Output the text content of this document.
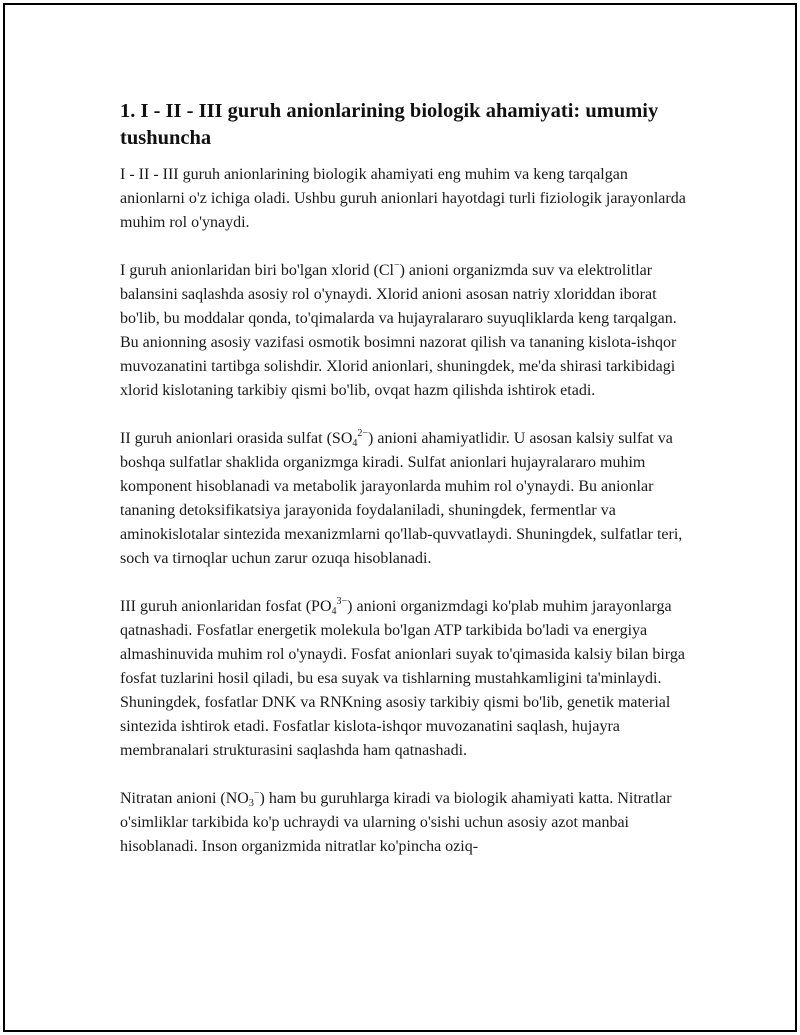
1. I - II - III guruh anionlarining biologik ahamiyati: umumiy tushuncha

I - II - III guruh anionlarining biologik ahamiyati eng muhim va keng tarqalgan anionlarni o'z ichiga oladi. Ushbu guruh anionlari hayotdagi turli fiziologik jarayonlarda muhim rol o'ynaydi.

I guruh anionlaridan biri bo'lgan xlorid (Cl−) anioni organizmda suv va elektrolitlar balansini saqlashda asosiy rol o'ynaydi. Xlorid anioni asosan natriy xloriddan iborat bo'lib, bu moddalar qonda, to'qimalarda va hujayralararo suyuqliklarda keng tarqalgan. Bu anionning asosiy vazifasi osmotik bosimni nazorat qilish va tananing kislota-ishqor muvozanatini tartibga solishdir. Xlorid anionlari, shuningdek, me'da shirasi tarkibidagi xlorid kislotaning tarkibiy qismi bo'lib, ovqat hazm qilishda ishtirok etadi.

II guruh anionlari orasida sulfat $(SO_4^{2-})$ anioni ahamiyatlidir. U asosan kalsiy sulfat va boshqa sulfatlar shaklida organizmga kiradi. Sulfat anionlari hujayralararo muhim komponent hisoblanadi va metabolik jarayonlarda muhim rol o'ynaydi. Bu anionlar tananing detoksifikatsiya jarayonida foydalaniladi, shuningdek, fermentlar va aminokislotalar sintezida mexanizmlarni qo'llab-quvvatlaydi. Shuningdek, sulfatlar teri, soch va tirnoqlar uchun zarur ozuqa hisoblanadi.

III guruh anionlaridan fosfat $(PO_4^{3-})$ anioni organizmdagi ko'plab muhim jarayonlarga qatnashadi. Fosfatlar energetik molekula bo'lgan ATP tarkibida bo'ladi va energiya almashinuvida muhim rol o'ynaydi. Fosfat anionlari suyak to'qimasida kalsiy bilan birga fosfat tuzlarini hosil qiladi, bu esa suyak va tishlarning mustahkamligini ta'minlaydi. Shuningdek, fosfatlar DNK va RNKning asosiy tarkibiy qismi bo'lib, genetik material sintezida ishtirok etadi. Fosfatlar kislota-ishqor muvozanatini saqlash, hujayra membranalari strukturasini saqlashda ham qatnashadi.

Nitratan anioni $(NO_3^-)$ ham bu guruhlarga kiradi va biologik ahamiyati katta. Nitratlar o'simliklar tarkibida ko'p uchraydi va ularning o'sishi uchun asosiy azot manbai hisoblanadi. Inson organizmida nitratlar ko'pincha oziq-
